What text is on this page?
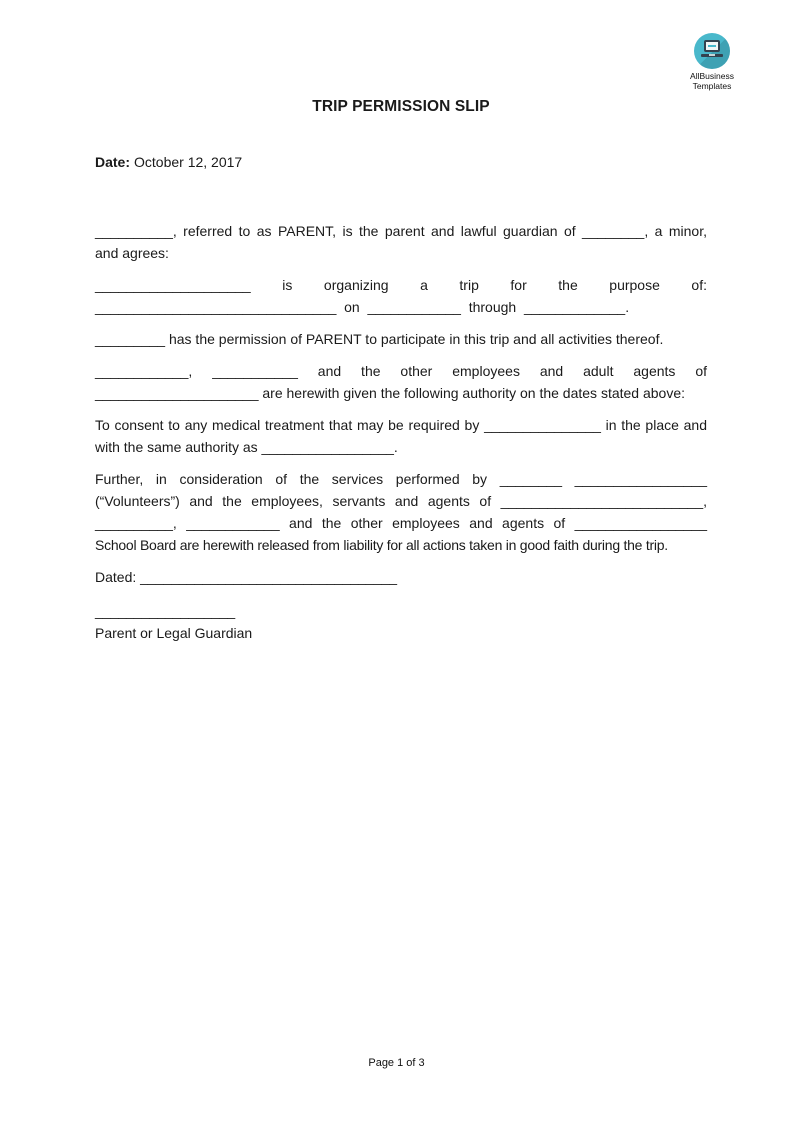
AllBusiness
Templates
TRIP PERMISSION SLIP
Date: October 12, 2017
__________, referred to as PARENT, is the parent and lawful guardian of ________, a minor,
and agrees:
____________________ is organizing a trip for the purpose of:
_______________________________  on  ____________  through  _____________.
_________ has the permission of PARENT to participate in this trip and all activities thereof.
____________, ___________ and the other employees and adult agents of
_____________________ are herewith given the following authority on the dates stated above:
To consent to any medical treatment that may be required by _______________ in the place and
with the same authority as _________________.
Further, in consideration of the services performed by ________ _________________
(“Volunteers”) and the employees, servants and agents of __________________________,
__________, ____________ and the other employees and agents of _________________
School Board are herewith released from liability for all actions taken in good faith during the trip.
Dated: _________________________________
__________________
Parent or Legal Guardian
Page 1 of 3
